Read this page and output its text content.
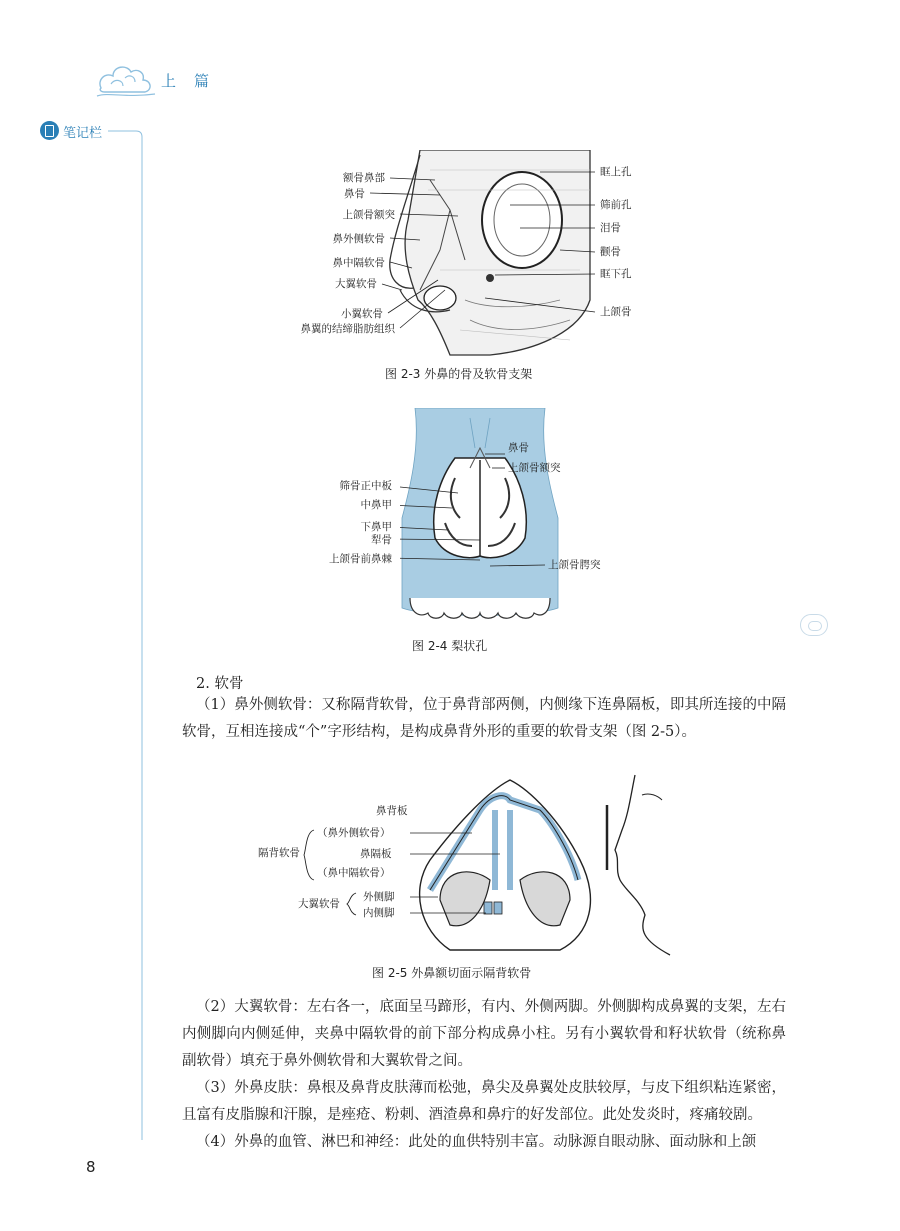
上篇
笔记栏
额骨鼻部
鼻骨
上颌骨额突
鼻外侧软骨
鼻中隔软骨
大翼软骨
小翼软骨
鼻翼的结缔脂肪组织
眶上孔
筛前孔
泪骨
颧骨
眶下孔
上颌骨
图 2-3 外鼻的骨及软骨支架
筛骨正中板
中鼻甲
下鼻甲
犁骨
上颌骨前鼻棘
鼻骨
上颌骨额突
上颌骨腭突
图 2-4 梨状孔
2. 软骨
（1）鼻外侧软骨：又称隔背软骨，位于鼻背部两侧，内侧缘下连鼻隔板，即其所连接的中隔软骨，互相连接成“个”字形结构，是构成鼻背外形的重要的软骨支架（图 2-5）。
鼻背板
（鼻外侧软骨）
鼻隔板
（鼻中隔软骨）
外侧脚
内侧脚
隔背软骨
大翼软骨
图 2-5 外鼻额切面示隔背软骨
（2）大翼软骨：左右各一，底面呈马蹄形，有内、外侧两脚。外侧脚构成鼻翼的支架，左右内侧脚向内侧延伸，夹鼻中隔软骨的前下部分构成鼻小柱。另有小翼软骨和籽状软骨（统称鼻副软骨）填充于鼻外侧软骨和大翼软骨之间。
（3）外鼻皮肤：鼻根及鼻背皮肤薄而松弛，鼻尖及鼻翼处皮肤较厚，与皮下组织粘连紧密，且富有皮脂腺和汗腺，是痤疮、粉刺、酒渣鼻和鼻疔的好发部位。此处发炎时，疼痛较剧。
（4）外鼻的血管、淋巴和神经：此处的血供特别丰富。动脉源自眼动脉、面动脉和上颌
8
